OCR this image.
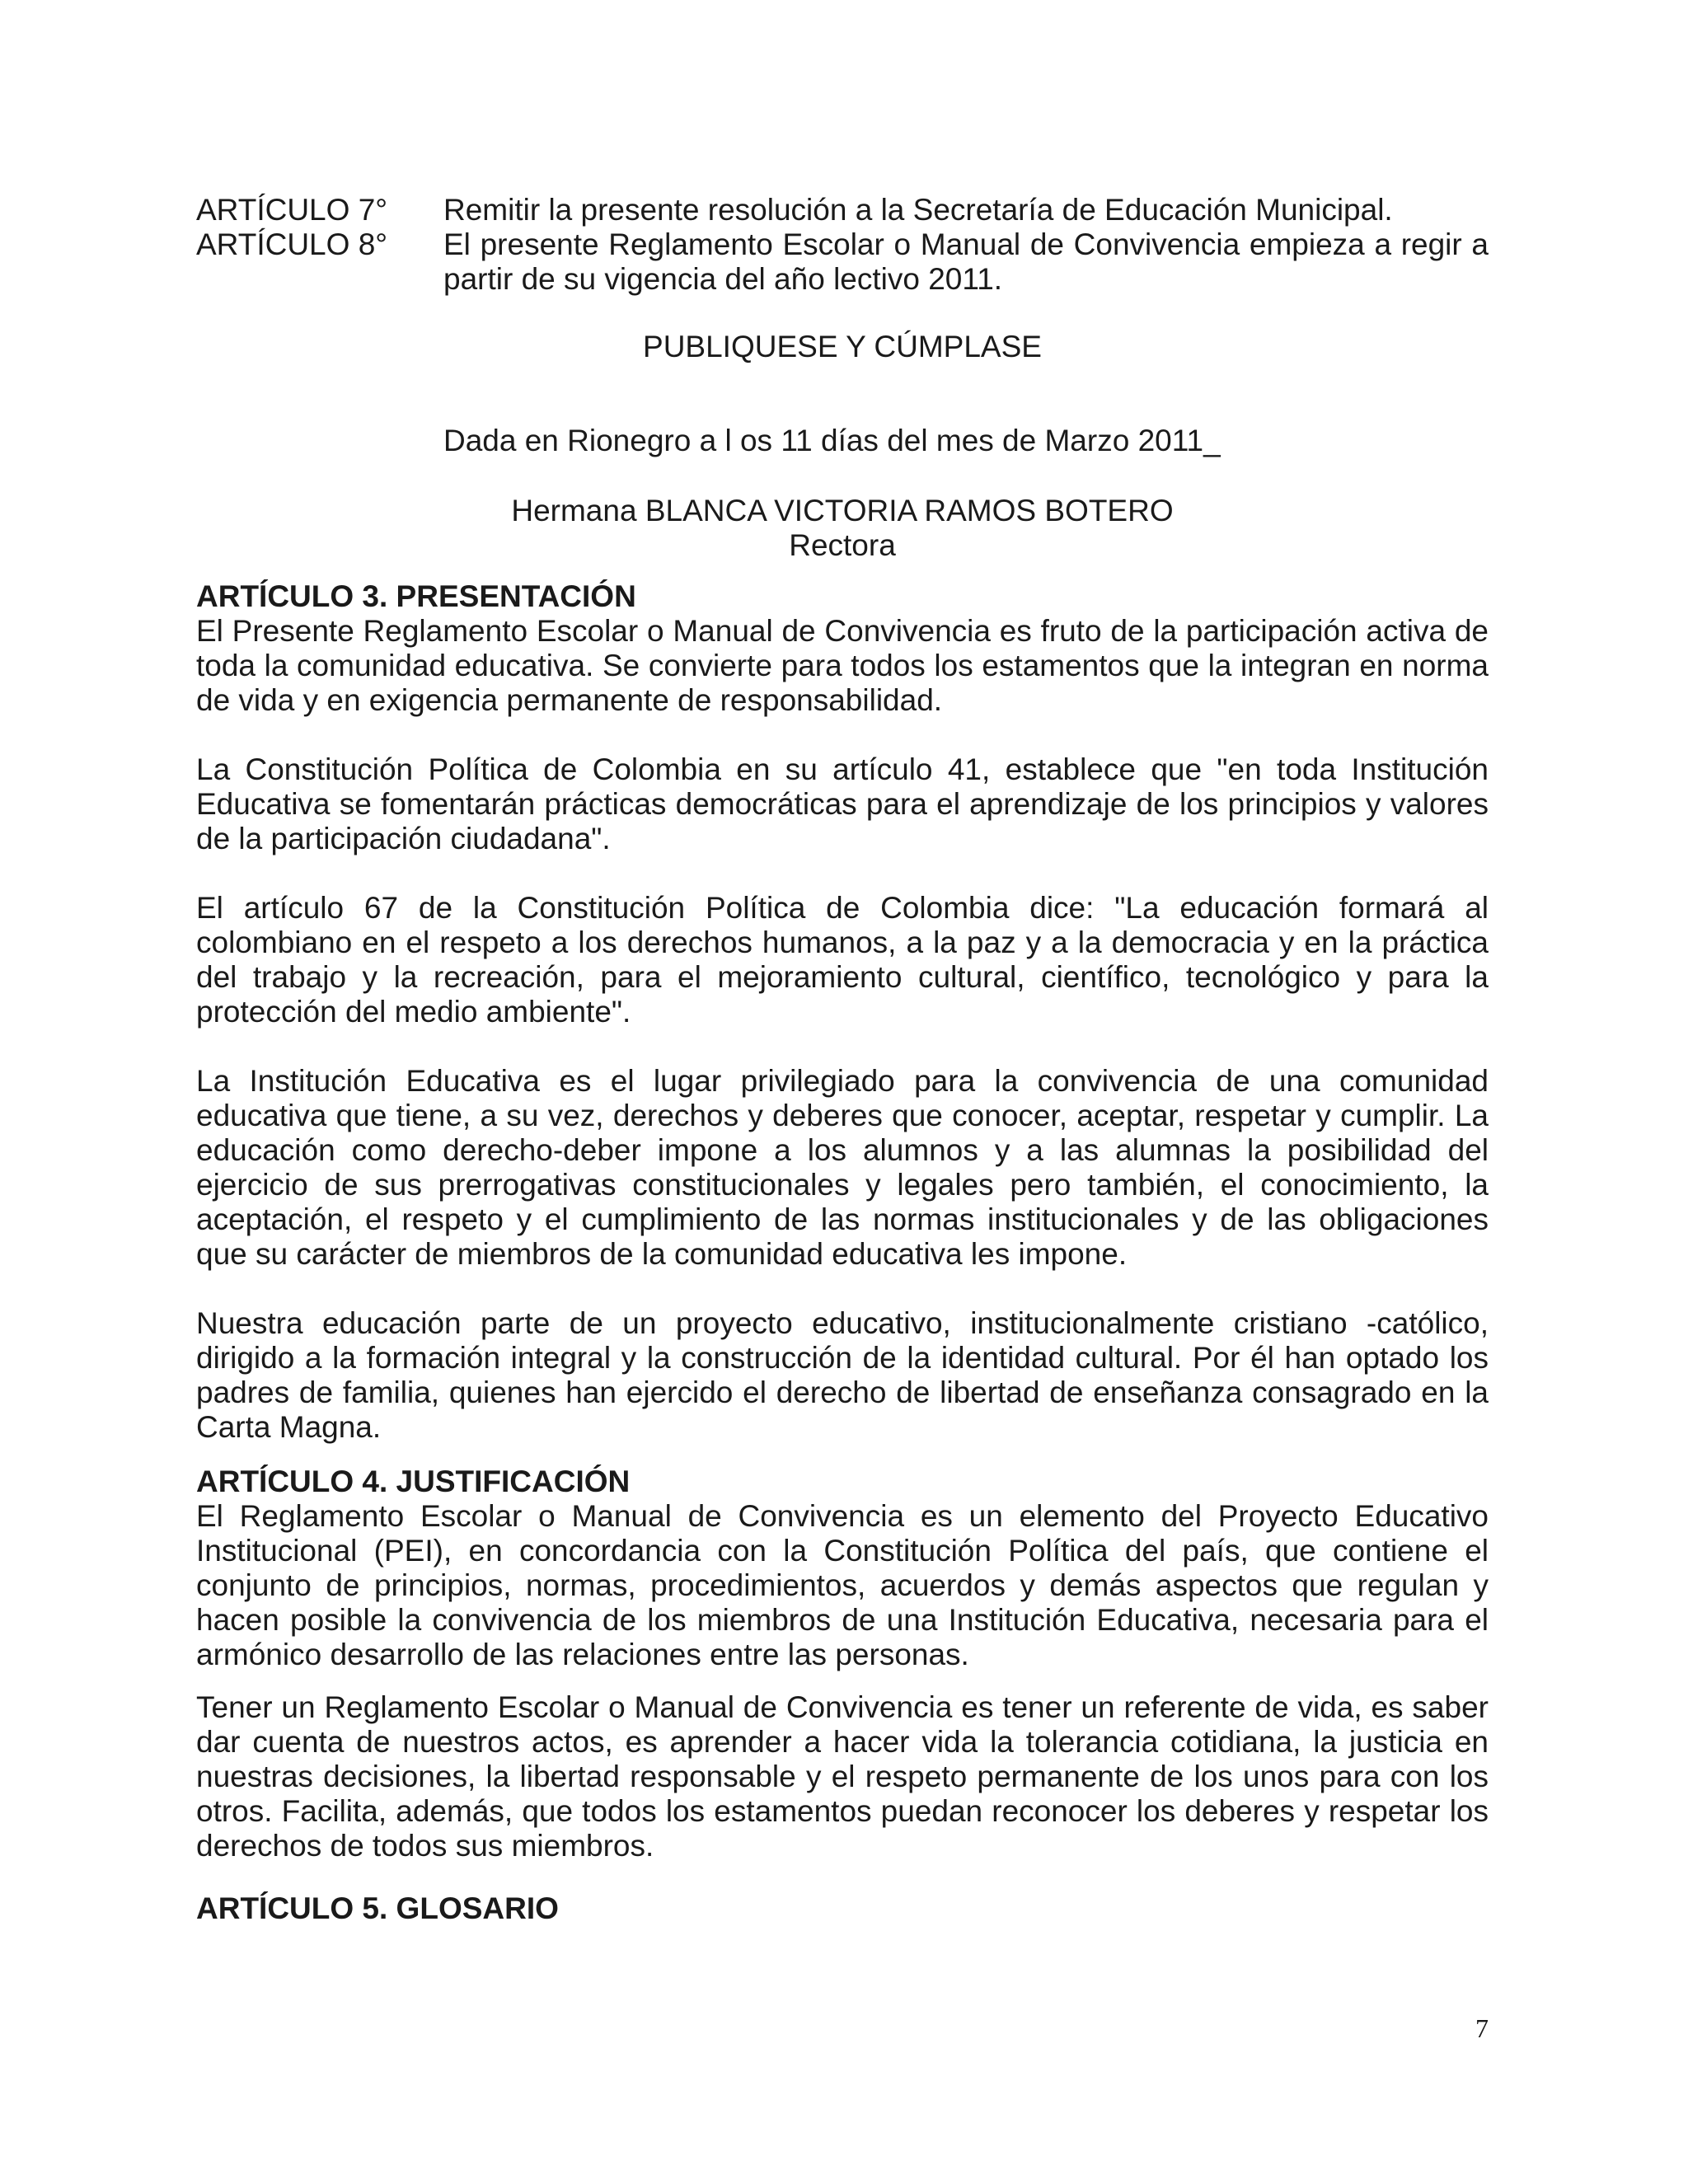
ARTÍCULO 7°	Remitir la presente resolución a la Secretaría de Educación Municipal.
ARTÍCULO 8°	El presente Reglamento Escolar o Manual de Convivencia empieza a regir a partir de su vigencia del año lectivo 2011.
PUBLIQUESE Y CÚMPLASE
Dada en Rionegro a l os 11 días del mes de Marzo 2011_
Hermana BLANCA VICTORIA RAMOS BOTERO
Rectora
ARTÍCULO 3. PRESENTACIÓN

El Presente Reglamento Escolar o Manual de Convivencia es fruto de la participación activa de toda la comunidad educativa. Se convierte para todos los estamentos que la integran en norma de vida y en exigencia permanente de responsabilidad.

La Constitución Política de Colombia en su artículo 41, establece que "en toda Institución Educativa se fomentarán prácticas democráticas para el aprendizaje de los principios y valores de la participación ciudadana".

El artículo 67 de la Constitución Política de Colombia dice: "La educación formará al colombiano en el respeto a los derechos humanos, a la paz y a la democracia y en la práctica del trabajo y la recreación, para el mejoramiento cultural, científico, tecnológico y para la protección del medio ambiente".

La Institución Educativa es el lugar privilegiado para la convivencia de una comunidad educativa que tiene, a su vez, derechos y deberes que conocer, aceptar, respetar y cumplir. La educación como derecho-deber impone a los alumnos y a las alumnas la posibilidad del ejercicio de sus prerrogativas constitucionales y legales pero también, el conocimiento, la aceptación, el respeto y el cumplimiento de las normas institucionales y de las obligaciones que su carácter de miembros de la comunidad educativa les impone.

Nuestra educación parte de un proyecto educativo, institucionalmente cristiano -católico, dirigido a la formación integral y la construcción de la identidad cultural. Por él han optado los padres de familia, quienes han ejercido el derecho de libertad de enseñanza consagrado en la Carta Magna.

ARTÍCULO 4. JUSTIFICACIÓN

El Reglamento Escolar o Manual de Convivencia es un elemento del Proyecto Educativo Institucional (PEI), en concordancia con la Constitución Política del país, que contiene el conjunto de principios, normas, procedimientos, acuerdos y demás aspectos que regulan y hacen posible la convivencia de los miembros de una Institución Educativa, necesaria para el armónico desarrollo de las relaciones entre las personas.

Tener un Reglamento Escolar o Manual de Convivencia es tener un referente de vida, es saber dar cuenta de nuestros actos, es aprender a hacer vida la tolerancia cotidiana, la justicia en nuestras decisiones, la libertad responsable y el respeto permanente de los unos para con los otros. Facilita, además, que todos los estamentos puedan reconocer los deberes y respetar los derechos de todos sus miembros.

ARTÍCULO 5. GLOSARIO
7
